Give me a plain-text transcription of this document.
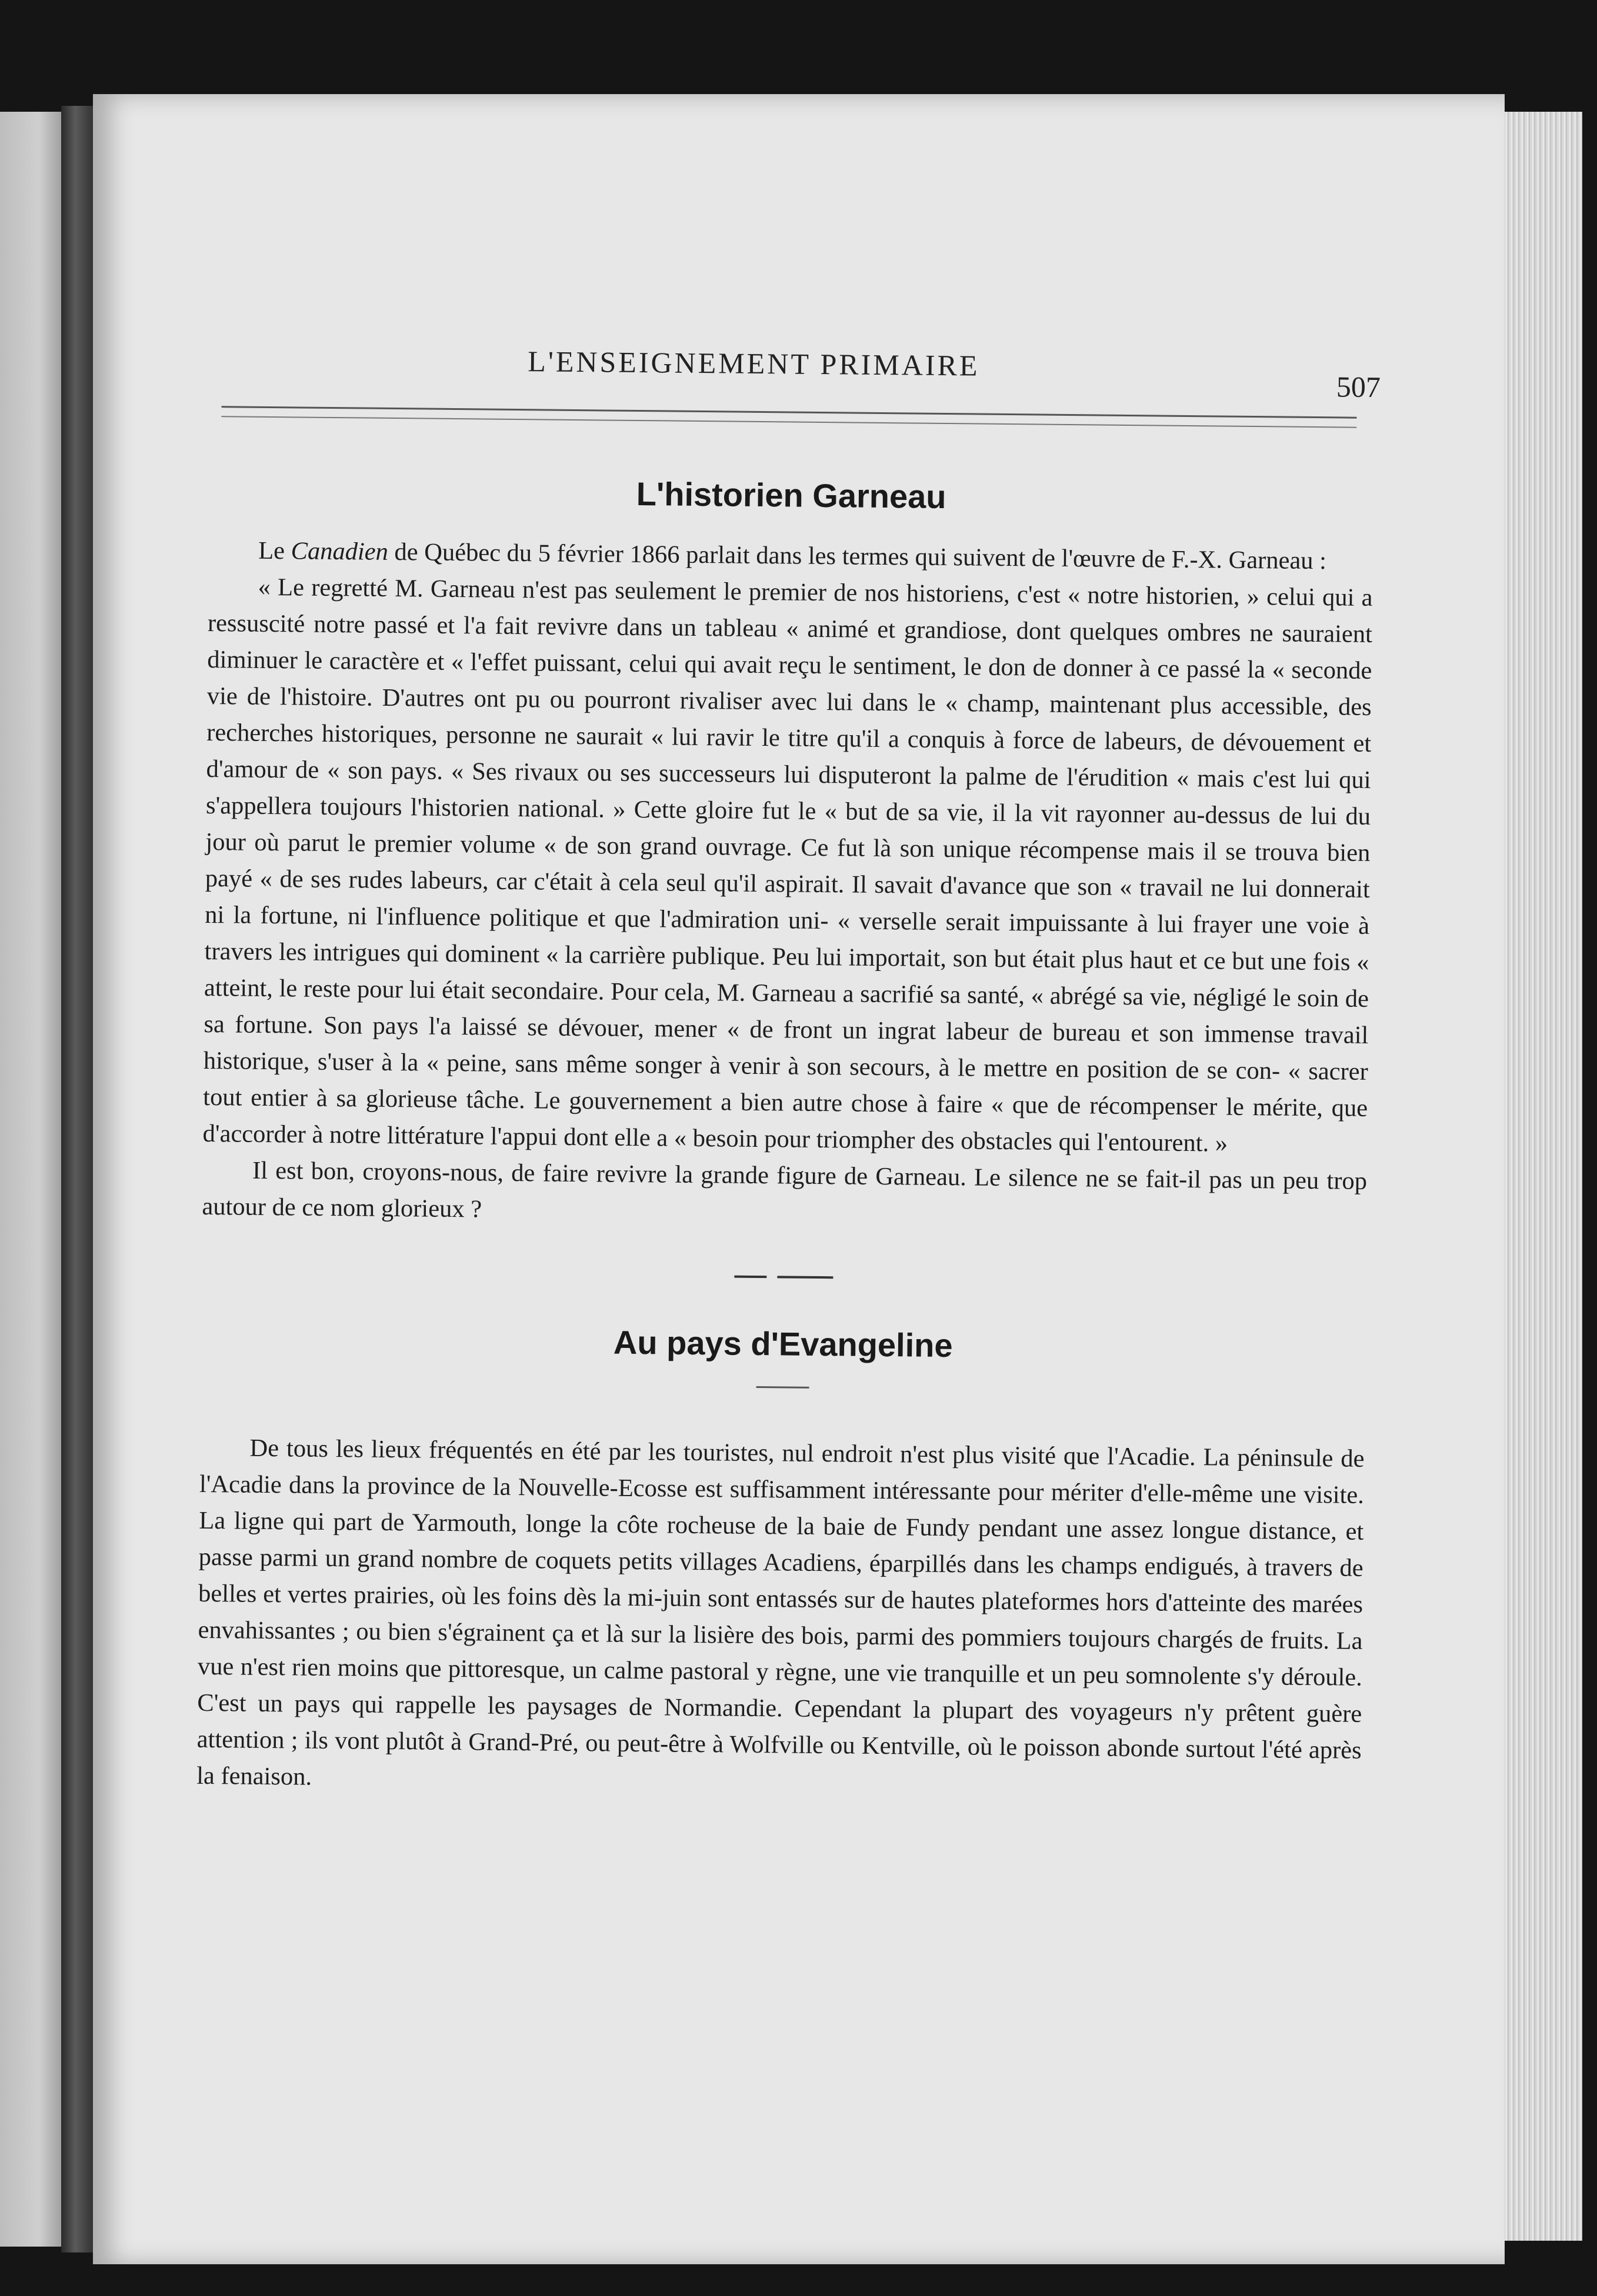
L'ENSEIGNEMENT PRIMAIRE
507
L'historien Garneau

Le Canadien de Québec du 5 février 1866 parlait dans les termes qui suivent de l'œuvre de F.-X. Garneau :

« Le regretté M. Garneau n'est pas seulement le premier de nos historiens, c'est « notre historien, » celui qui a ressuscité notre passé et l'a fait revivre dans un tableau « animé et grandiose, dont quelques ombres ne sauraient diminuer le caractère et « l'effet puissant, celui qui avait reçu le sentiment, le don de donner à ce passé la « seconde vie de l'histoire. D'autres ont pu ou pourront rivaliser avec lui dans le « champ, maintenant plus accessible, des recherches historiques, personne ne saurait « lui ravir le titre qu'il a conquis à force de labeurs, de dévouement et d'amour de « son pays. « Ses rivaux ou ses successeurs lui disputeront la palme de l'érudition « mais c'est lui qui s'appellera toujours l'historien national. » Cette gloire fut le « but de sa vie, il la vit rayonner au-dessus de lui du jour où parut le premier volume « de son grand ouvrage. Ce fut là son unique récompense mais il se trouva bien payé « de ses rudes labeurs, car c'était à cela seul qu'il aspirait. Il savait d'avance que son « travail ne lui donnerait ni la fortune, ni l'influence politique et que l'admiration uni- « verselle serait impuissante à lui frayer une voie à travers les intrigues qui dominent « la carrière publique. Peu lui importait, son but était plus haut et ce but une fois « atteint, le reste pour lui était secondaire. Pour cela, M. Garneau a sacrifié sa santé, « abrégé sa vie, négligé le soin de sa fortune. Son pays l'a laissé se dévouer, mener « de front un ingrat labeur de bureau et son immense travail historique, s'user à la « peine, sans même songer à venir à son secours, à le mettre en position de se con- « sacrer tout entier à sa glorieuse tâche. Le gouvernement a bien autre chose à faire « que de récompenser le mérite, que d'accorder à notre littérature l'appui dont elle a « besoin pour triompher des obstacles qui l'entourent. »

Il est bon, croyons-nous, de faire revivre la grande figure de Garneau. Le silence ne se fait-il pas un peu trop autour de ce nom glorieux ?

Au pays d'Evangeline

De tous les lieux fréquentés en été par les touristes, nul endroit n'est plus visité que l'Acadie. La péninsule de l'Acadie dans la province de la Nouvelle-Ecosse est suffisamment intéressante pour mériter d'elle-même une visite. La ligne qui part de Yarmouth, longe la côte rocheuse de la baie de Fundy pendant une assez longue distance, et passe parmi un grand nombre de coquets petits villages Acadiens, éparpillés dans les champs endigués, à travers de belles et vertes prairies, où les foins dès la mi-juin sont entassés sur de hautes plateformes hors d'atteinte des marées envahissantes ; ou bien s'égrainent ça et là sur la lisière des bois, parmi des pommiers toujours chargés de fruits. La vue n'est rien moins que pittoresque, un calme pastoral y règne, une vie tranquille et un peu somnolente s'y déroule. C'est un pays qui rappelle les paysages de Normandie. Cependant la plupart des voyageurs n'y prêtent guère attention ; ils vont plutôt à Grand-Pré, ou peut-être à Wolfville ou Kentville, où le poisson abonde surtout l'été après la fenaison.
